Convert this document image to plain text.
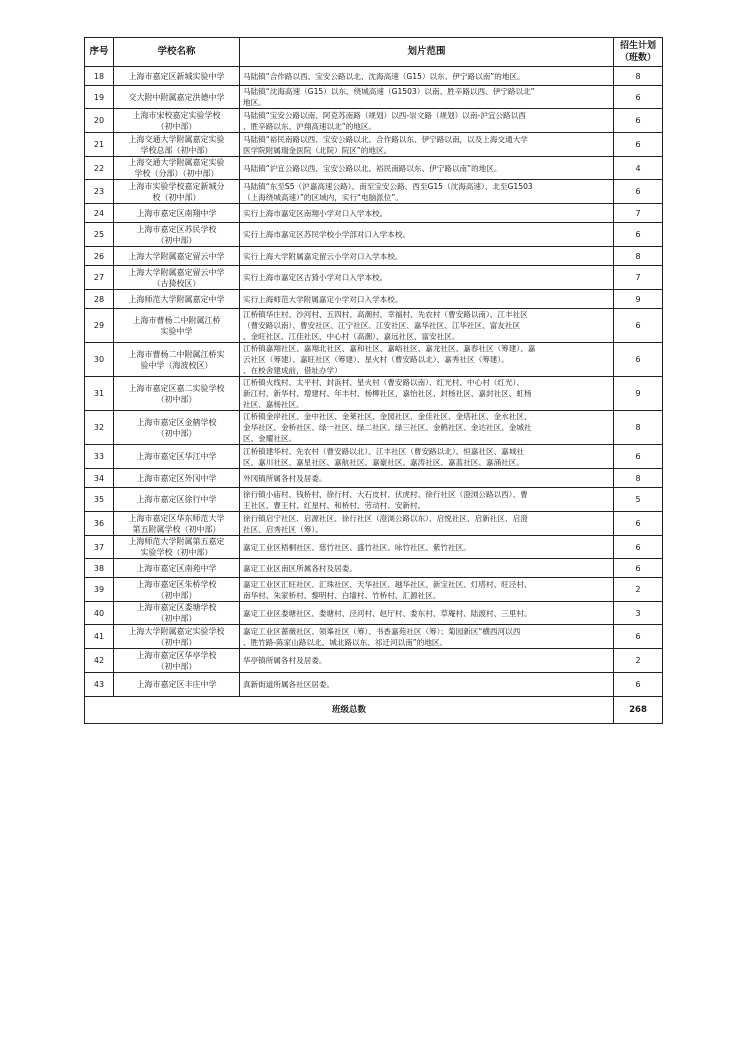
序号	学校名称	划片范围	招生计划
（班数）

18	上海市嘉定区新城实验中学	马陆镇“合作路以西、宝安公路以北、沈海高速（G15）以东、伊宁路以南”的地区。	8

19	交大附中附属嘉定洪德中学	马陆镇“沈海高速（G15）以东、绕城高速（G1503）以南、胜辛路以西、伊宁路以北”
地区。	6

20	上海市宋校嘉定实验学校
（初中部）	马陆镇“宝安公路以南、阿克苏南路（规划）以西-崇文路（规划）以南-沪宜公路以西
、胜辛路以东、沪翔高速以北”的地区。	6

21	上海交通大学附属嘉定实验
学校总部（初中部）	马陆镇“裕民南路以西、宝安公路以北、合作路以东、伊宁路以南，以及上海交通大学
医学院附属瑞金医院（北院）院区”的地区。	6

22	上海交通大学附属嘉定实验
学校（分部）（初中部）	马陆镇“沪宜公路以西、宝安公路以北、裕民南路以东、伊宁路以南”的地区。	4

23	上海市实验学校嘉定新城分
校（初中部）	马陆镇“东至S5（沪嘉高速公路）、南至宝安公路、西至G15（沈海高速）、北至G1503
（上海绕城高速）”的区域内，实行“电脑派位”。	6

24	上海市嘉定区南翔中学	实行上海市嘉定区南翔小学对口入学本校。	7

25	上海市嘉定区苏民学校
（初中部）	实行上海市嘉定区苏民学校小学部对口入学本校。	6

26	上海大学附属嘉定留云中学	实行上海大学附属嘉定留云小学对口入学本校。	8

27	上海大学附属嘉定留云中学
（古猗校区）	实行上海市嘉定区古猗小学对口入学本校。	7

28	上海师范大学附属嘉定中学	实行上海师范大学附属嘉定小学对口入学本校。	9

29	上海市曹杨二中附属江桥
实验中学	江桥镇华庄村、沙河村、五四村、高潮村、幸福村、先农村（曹安路以南）、江丰社区
（曹安路以南）、曹安社区、江宁社区、江安社区、嘉华社区、江华社区、富友社区
、金旺社区、江佳社区、中心村（高潮）、嘉远社区、富安社区。	6

30	上海市曹杨二中附属江桥实
验中学（海波校区）	江桥镇嘉翔社区、嘉翔北社区、嘉和社区、嘉峪社区、嘉龙社区、嘉春社区（筹建）、嘉
云社区（筹建）、嘉旺社区（筹建）、星火村（曹安路以北）、嘉秀社区（筹建）。
、在校舍建成前，借址办学）	6

31	上海市嘉定区嘉二实验学校
（初中部）	江桥镇火线村、太平村、封浜村、星火村（曹安路以南）、红光村、中心村（红光）、
新江村、新华村、增建村、年丰村、杨柳社区、嘉怡社区、封杨社区、嘉封社区、虹杨
社区、嘉杨社区。	9

32	上海市嘉定区金鹤学校
（初中部）	江桥镇金岸社区、金中社区、金莱社区、金园社区、金佳社区、金塔社区、金水社区、
金华社区、金桥社区、绿一社区、绿二社区、绿三社区、金鹤社区、金达社区、金城社
区、金耀社区。	8

33	上海市嘉定区华江中学	江桥镇建华村、先农村（曹安路以北）、江丰社区（曹安路以北）、恒嘉社区、嘉城社
区、嘉川社区、嘉星社区、嘉航社区、嘉豪社区、嘉涛社区、嘉蓝社区、嘉涌社区。	6

34	上海市嘉定区外冈中学	外冈镇所属各村及居委。	8

35	上海市嘉定区徐行中学	徐行镇小庙村、钱桥村、徐行村、大石皮村、伏虎村、徐行社区（澄浏公路以西）、曹
王社区、曹王村、红星村、和桥村、劳动村、安新村。	5

36	上海市嘉定区华东师范大学
第五附属学校（初中部）	徐行镇启宁社区、启源社区、徐行社区（澄浏公路以东）、启悦社区、启新社区、启澄
社区、启秀社区（筹）。	6

37	上海师范大学附属第五嘉定
实验学校（初中部）	嘉定工业区梧桐社区、慈竹社区、盛竹社区、咏竹社区、紫竹社区。	6

38	上海市嘉定区南苑中学	嘉定工业区南区所属各村及居委。	6

39	上海市嘉定区朱桥学校
（初中部）	嘉定工业区汇旺社区、汇珠社区、天华社区、越华社区、新宝社区、灯塔村、旺泾村、
南华村、朱家桥村、黎明村、白墙村、竹桥村、汇源社区。	2

40	上海市嘉定区娄塘学校
（初中部）	嘉定工业区娄塘社区、娄塘村、泾河村、赵厅村、娄东村、草庵村、陆渡村、三里村。	3

41	上海大学附属嘉定实验学校
（初中部）	嘉定工业区蔷薇社区、领峯社区（筹）、书香嘉苑社区（筹）；菊园新区“横西河以西
、胜竹路-陈家山路以北、城北路以东、祁迁河以南”的地区。	6

42	上海市嘉定区华亭学校
（初中部）	华亭镇所属各村及居委。	2

43	上海市嘉定区丰庄中学	真新街道所属各社区居委。	6

班级总数			268
